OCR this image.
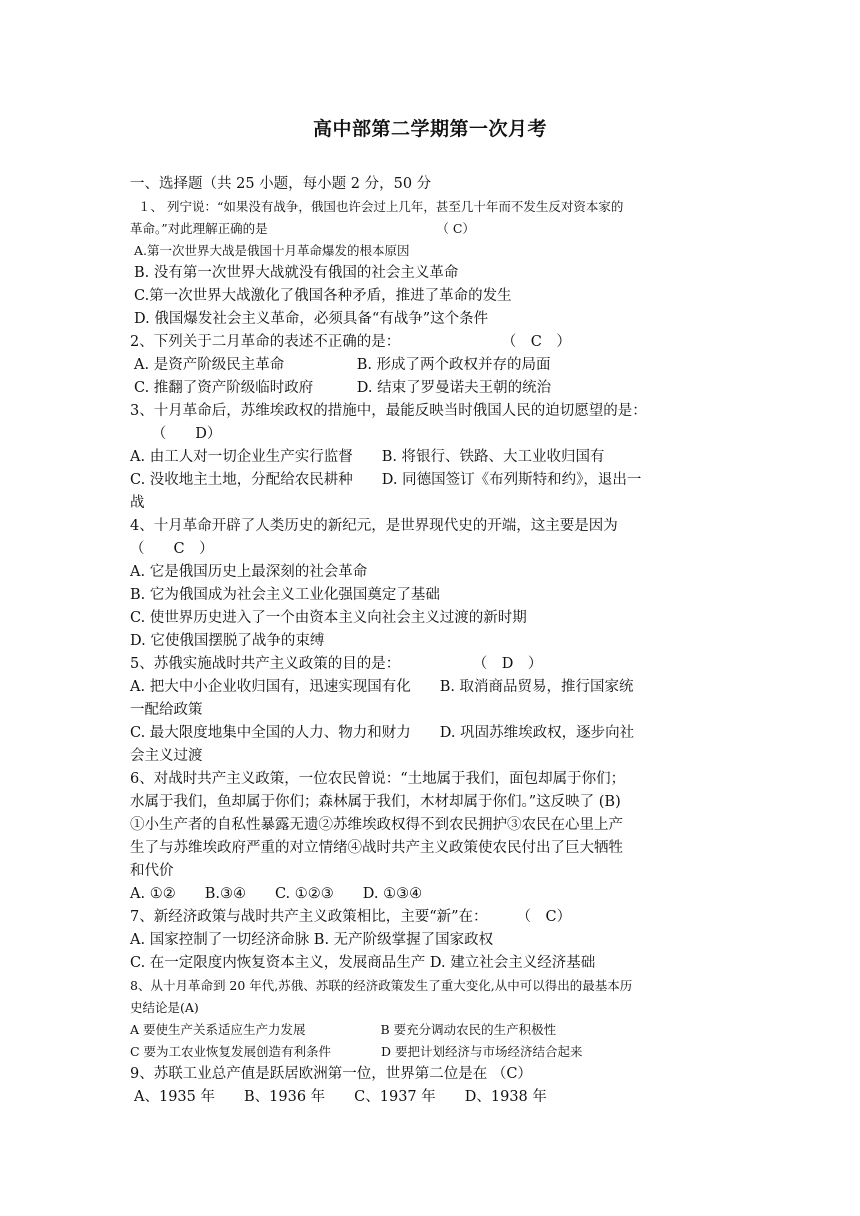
高中部第二学期第一次月考
一、选择题（共 25 小题，每小题 2 分，50 分
１、 列宁说：“如果没有战争，俄国也许会过上几年，甚至几十年而不发生反对资本家的
革命。”对此理解正确的是　　　　　　　　　　　　　　（ C）
A.第一次世界大战是俄国十月革命爆发的根本原因
B. 没有第一次世界大战就没有俄国的社会主义革命
C.第一次世界大战激化了俄国各种矛盾，推进了革命的发生
D. 俄国爆发社会主义革命，必须具备“有战争”这个条件
2、下列关于二月革命的表述不正确的是：　　　　　　　　（　C　）
A. 是资产阶级民主革命　　　　　B. 形成了两个政权并存的局面
C. 推翻了资产阶级临时政府　　　D. 结束了罗曼诺夫王朝的统治
3、十月革命后，苏维埃政权的措施中，最能反映当时俄国人民的迫切愿望的是：
　　（　　D）
A. 由工人对一切企业生产实行监督　　B. 将银行、铁路、大工业收归国有
C. 没收地主土地，分配给农民耕种　　D. 同德国签订《布列斯特和约》，退出一
战
4、十月革命开辟了人类历史的新纪元，是世界现代史的开端，这主要是因为
（　　C　）
A. 它是俄国历史上最深刻的社会革命
B. 它为俄国成为社会主义工业化强国奠定了基础
C. 使世界历史进入了一个由资本主义向社会主义过渡的新时期
D. 它使俄国摆脱了战争的束缚
5、苏俄实施战时共产主义政策的目的是：　　　　　　（　D　）
A. 把大中小企业收归国有，迅速实现国有化　　B. 取消商品贸易，推行国家统
一配给政策
C. 最大限度地集中全国的人力、物力和财力　　D. 巩固苏维埃政权，逐步向社
会主义过渡
6、对战时共产主义政策，一位农民曾说：“土地属于我们，面包却属于你们；
水属于我们，鱼却属于你们；森林属于我们，木材却属于你们。”这反映了 (B)
①小生产者的自私性暴露无遗②苏维埃政权得不到农民拥护③农民在心里上产
生了与苏维埃政府严重的对立情绪④战时共产主义政策使农民付出了巨大牺牲
和代价
A. ①②　　B.③④　　C. ①②③　　D. ①③④
7、新经济政策与战时共产主义政策相比，主要“新”在：　　　（　C）
A. 国家控制了一切经济命脉 B. 无产阶级掌握了国家政权
C. 在一定限度内恢复资本主义，发展商品生产 D. 建立社会主义经济基础
8、从十月革命到 20 年代,苏俄、苏联的经济政策发生了重大变化,从中可以得出的最基本历
史结论是(A)
A 要使生产关系适应生产力发展　　　　　　B 要充分调动农民的生产积极性
C 要为工农业恢复发展创造有利条件　　　　D 要把计划经济与市场经济结合起来
9、苏联工业总产值是跃居欧洲第一位，世界第二位是在 （C）
A、1935 年　　B、1936 年　　C、1937 年　　D、1938 年
